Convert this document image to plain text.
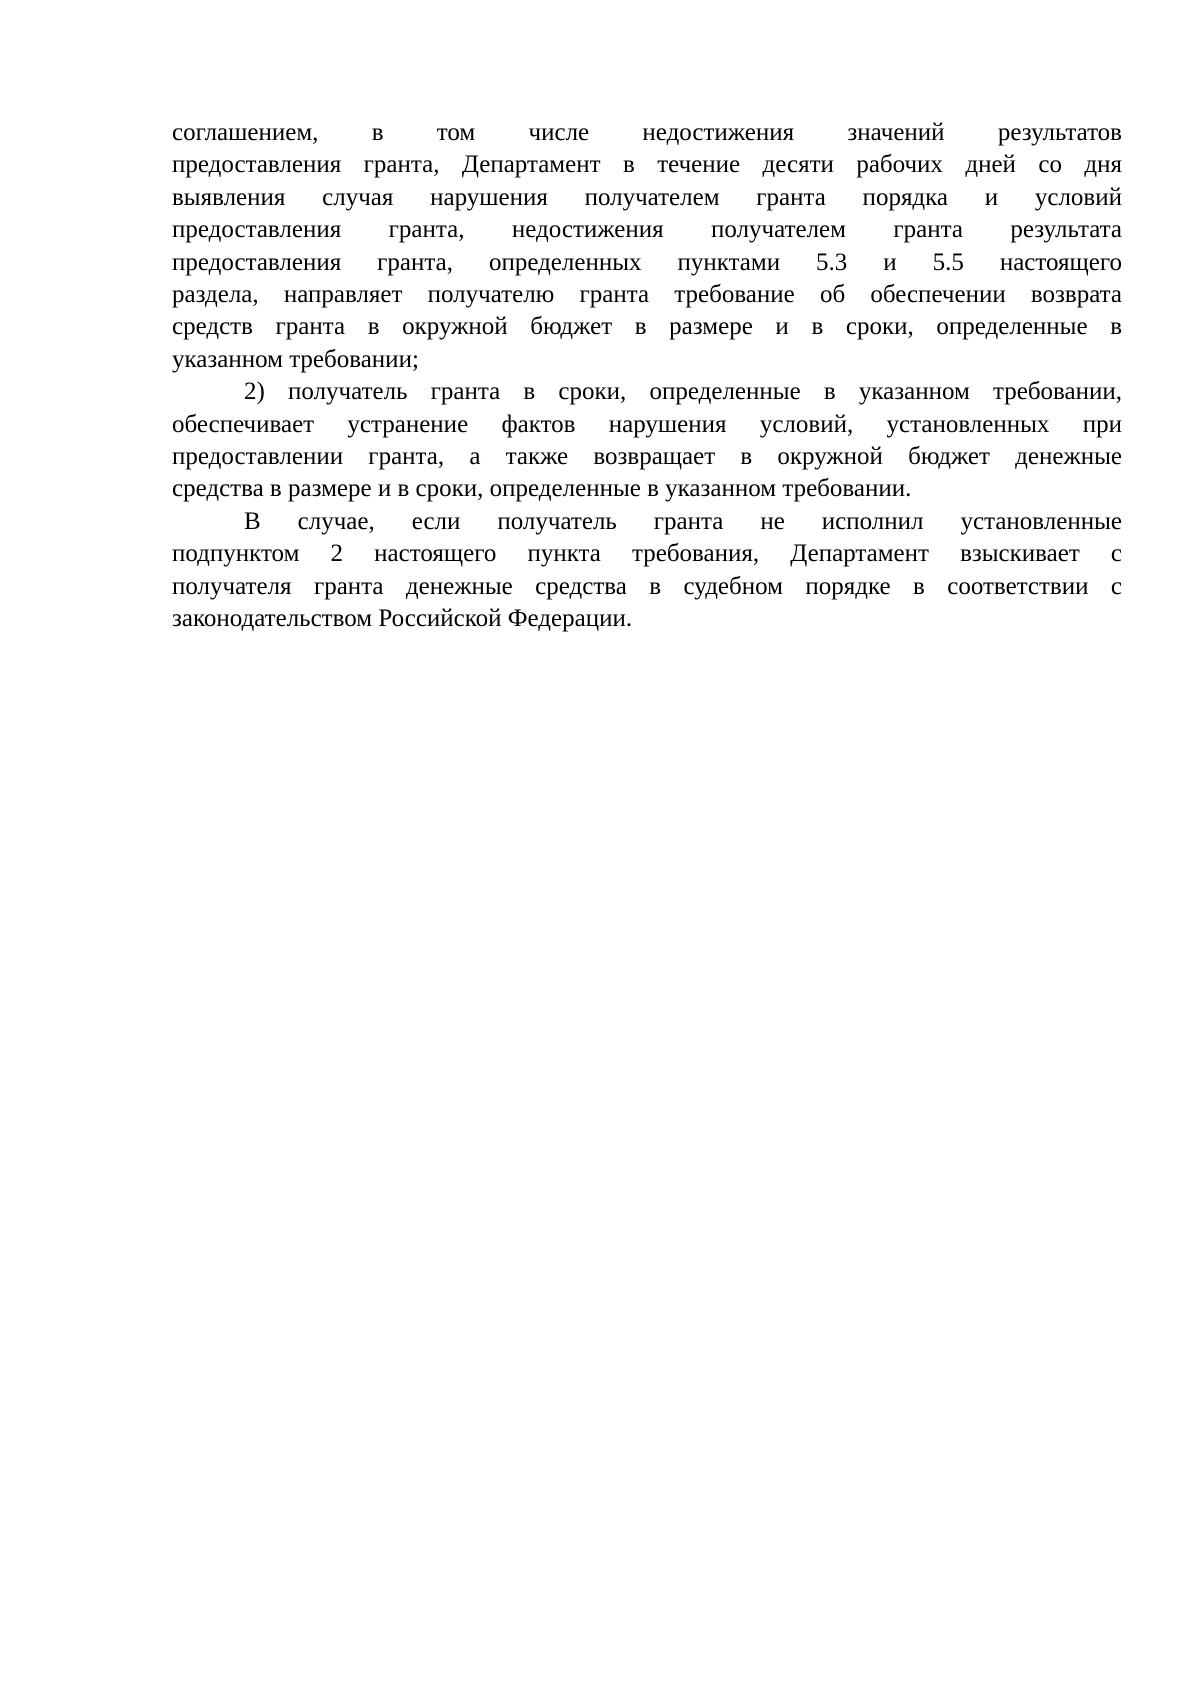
соглашением, в том числе недостижения значений результатов
предоставления гранта, Департамент в течение десяти рабочих дней со дня
выявления случая нарушения получателем гранта порядка и условий
предоставления гранта, недостижения получателем гранта результата
предоставления гранта, определенных пунктами 5.3 и 5.5 настоящего
раздела, направляет получателю гранта требование об обеспечении возврата
средств гранта в окружной бюджет в размере и в сроки, определенные в
указанном требовании;
2) получатель гранта в сроки, определенные в указанном требовании,
обеспечивает устранение фактов нарушения условий, установленных при
предоставлении гранта, а также возвращает в окружной бюджет денежные
средства в размере и в сроки, определенные в указанном требовании.
В случае, если получатель гранта не исполнил установленные
подпунктом 2 настоящего пункта требования, Департамент взыскивает с
получателя гранта денежные средства в судебном порядке в соответствии с
законодательством Российской Федерации.
